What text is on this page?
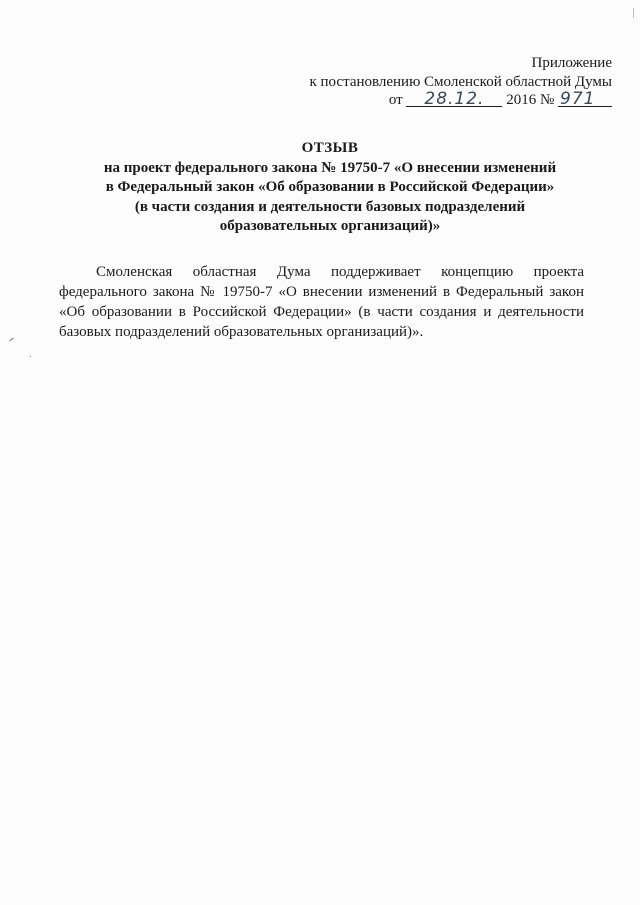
Приложение
к постановлению Смоленской областной Думы
от 28.12. 2016 № 971
ОТЗЫВ
на проект федерального закона № 19750-7 «О внесении изменений
в Федеральный закон «Об образовании в Российской Федерации»
(в части создания и деятельности базовых подразделений
образовательных организаций)»

Смоленская областная Дума поддерживает концепцию проекта федерального закона № 19750-7 «О внесении изменений в Федеральный закон «Об образовании в Российской Федерации» (в части создания и деятельности базовых подразделений образовательных организаций)».
